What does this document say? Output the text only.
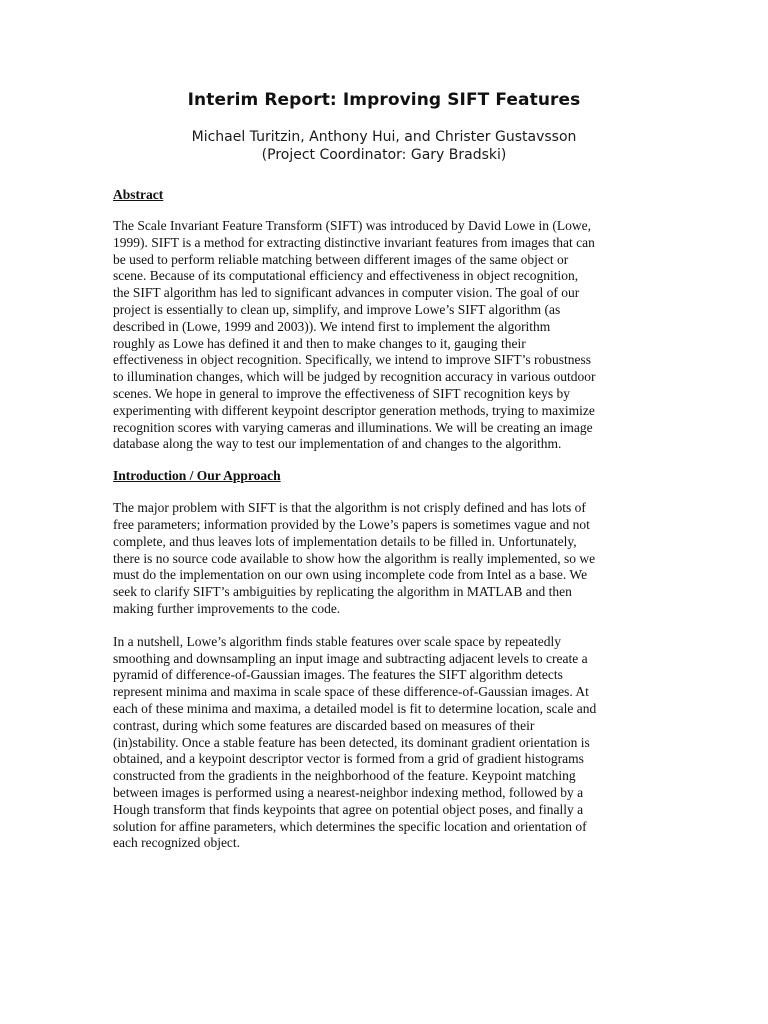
Interim Report: Improving SIFT Features
Michael Turitzin, Anthony Hui, and Christer Gustavsson
(Project Coordinator: Gary Bradski)
Abstract

The Scale Invariant Feature Transform (SIFT) was introduced by David Lowe in (Lowe,
1999). SIFT is a method for extracting distinctive invariant features from images that can
be used to perform reliable matching between different images of the same object or
scene. Because of its computational efficiency and effectiveness in object recognition,
the SIFT algorithm has led to significant advances in computer vision. The goal of our
project is essentially to clean up, simplify, and improve Lowe’s SIFT algorithm (as
described in (Lowe, 1999 and 2003)). We intend first to implement the algorithm
roughly as Lowe has defined it and then to make changes to it, gauging their
effectiveness in object recognition. Specifically, we intend to improve SIFT’s robustness
to illumination changes, which will be judged by recognition accuracy in various outdoor
scenes. We hope in general to improve the effectiveness of SIFT recognition keys by
experimenting with different keypoint descriptor generation methods, trying to maximize
recognition scores with varying cameras and illuminations. We will be creating an image
database along the way to test our implementation of and changes to the algorithm.

Introduction / Our Approach

The major problem with SIFT is that the algorithm is not crisply defined and has lots of
free parameters; information provided by the Lowe’s papers is sometimes vague and not
complete, and thus leaves lots of implementation details to be filled in. Unfortunately,
there is no source code available to show how the algorithm is really implemented, so we
must do the implementation on our own using incomplete code from Intel as a base. We
seek to clarify SIFT’s ambiguities by replicating the algorithm in MATLAB and then
making further improvements to the code.

In a nutshell, Lowe’s algorithm finds stable features over scale space by repeatedly
smoothing and downsampling an input image and subtracting adjacent levels to create a
pyramid of difference-of-Gaussian images. The features the SIFT algorithm detects
represent minima and maxima in scale space of these difference-of-Gaussian images. At
each of these minima and maxima, a detailed model is fit to determine location, scale and
contrast, during which some features are discarded based on measures of their
(in)stability. Once a stable feature has been detected, its dominant gradient orientation is
obtained, and a keypoint descriptor vector is formed from a grid of gradient histograms
constructed from the gradients in the neighborhood of the feature. Keypoint matching
between images is performed using a nearest-neighbor indexing method, followed by a
Hough transform that finds keypoints that agree on potential object poses, and finally a
solution for affine parameters, which determines the specific location and orientation of
each recognized object.
